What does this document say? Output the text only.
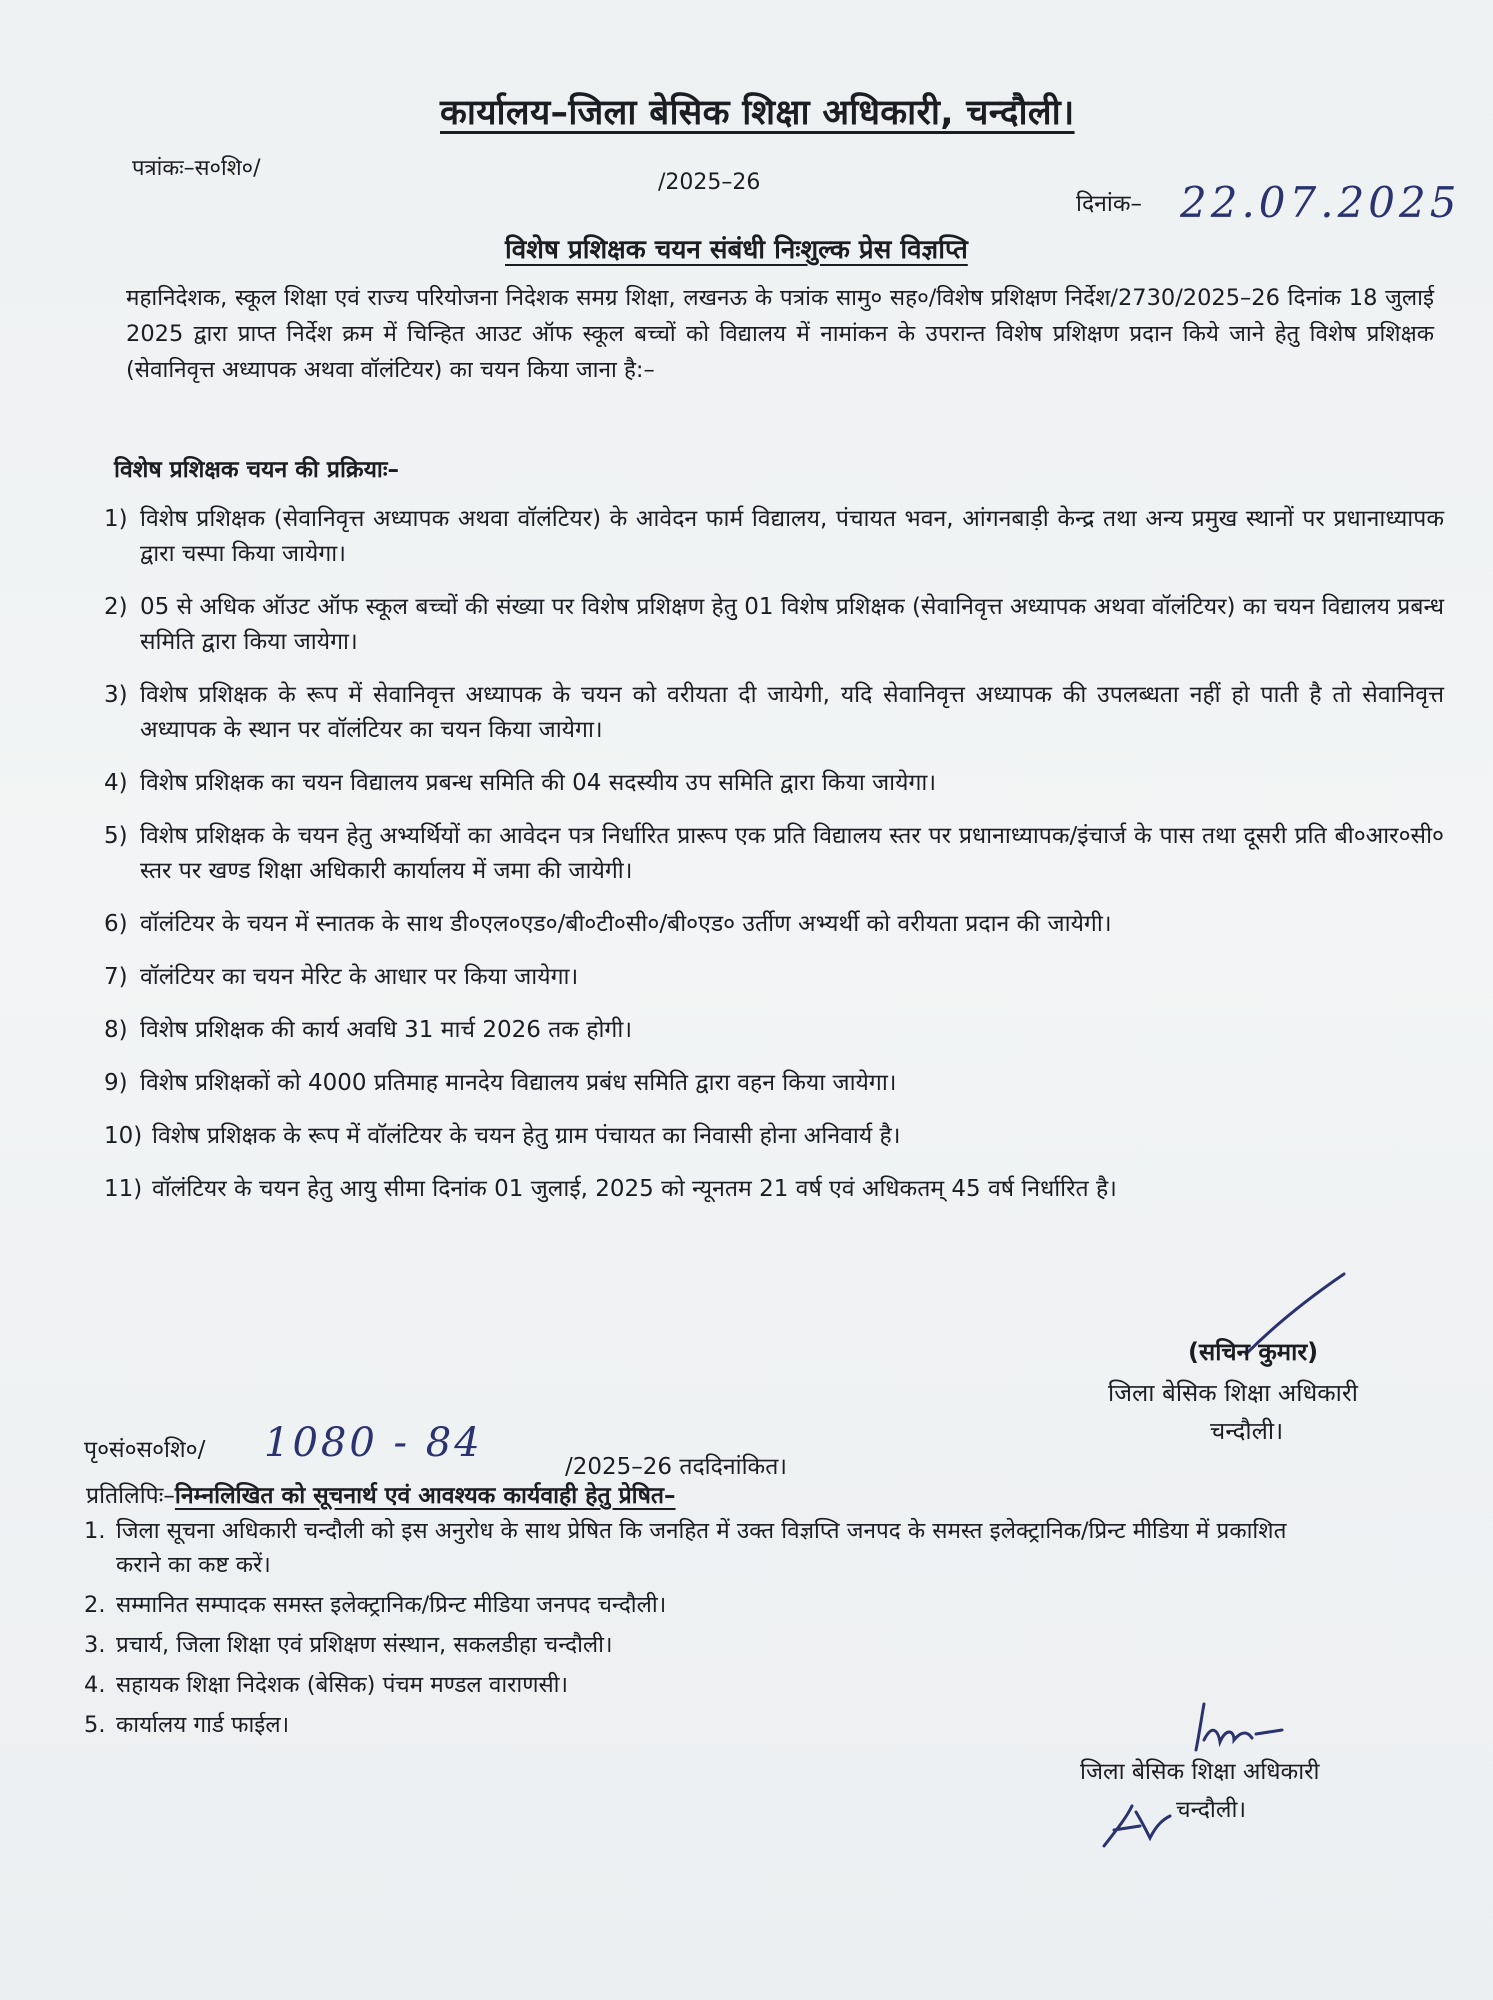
कार्यालय–जिला बेसिक शिक्षा अधिकारी, चन्दौली।
पत्रांकः–स०शि०/
/2025–26
दिनांक– 22.07.2025
विशेष प्रशिक्षक चयन संबंधी निःशुल्क प्रेस विज्ञप्ति
महानिदेशक, स्कूल शिक्षा एवं राज्य परियोजना निदेशक समग्र शिक्षा, लखनऊ के पत्रांक सामु० सह०/विशेष प्रशिक्षण निर्देश/2730/2025–26 दिनांक 18 जुलाई 2025 द्वारा प्राप्त निर्देश क्रम में चिन्हित आउट ऑफ स्कूल बच्चों को विद्यालय में नामांकन के उपरान्त विशेष प्रशिक्षण प्रदान किये जाने हेतु विशेष प्रशिक्षक (सेवानिवृत्त अध्यापक अथवा वॉलंटियर) का चयन किया जाना है:–
विशेष प्रशिक्षक चयन की प्रक्रियाः–
1) विशेष प्रशिक्षक (सेवानिवृत्त अध्यापक अथवा वॉलंटियर) के आवेदन फार्म विद्यालय, पंचायत भवन, आंगनबाड़ी केन्द्र तथा अन्य प्रमुख स्थानों पर प्रधानाध्यापक द्वारा चस्पा किया जायेगा।
2) 05 से अधिक ऑउट ऑफ स्कूल बच्चों की संख्या पर विशेष प्रशिक्षण हेतु 01 विशेष प्रशिक्षक (सेवानिवृत्त अध्यापक अथवा वॉलंटियर) का चयन विद्यालय प्रबन्ध समिति द्वारा किया जायेगा।
3) विशेष प्रशिक्षक के रूप में सेवानिवृत्त अध्यापक के चयन को वरीयता दी जायेगी, यदि सेवानिवृत्त अध्यापक की उपलब्धता नहीं हो पाती है तो सेवानिवृत्त अध्यापक के स्थान पर वॉलंटियर का चयन किया जायेगा।
4) विशेष प्रशिक्षक का चयन विद्यालय प्रबन्ध समिति की 04 सदस्यीय उप समिति द्वारा किया जायेगा।
5) विशेष प्रशिक्षक के चयन हेतु अभ्यर्थियों का आवेदन पत्र निर्धारित प्रारूप एक प्रति विद्यालय स्तर पर प्रधानाध्यापक/इंचार्ज के पास तथा दूसरी प्रति बी०आर०सी० स्तर पर खण्ड शिक्षा अधिकारी कार्यालय में जमा की जायेगी।
6) वॉलंटियर के चयन में स्नातक के साथ डी०एल०एड०/बी०टी०सी०/बी०एड० उर्तीण अभ्यर्थी को वरीयता प्रदान की जायेगी।
7) वॉलंटियर का चयन मेरिट के आधार पर किया जायेगा।
8) विशेष प्रशिक्षक की कार्य अवधि 31 मार्च 2026 तक होगी।
9) विशेष प्रशिक्षकों को 4000 प्रतिमाह मानदेय विद्यालय प्रबंध समिति द्वारा वहन किया जायेगा।
10) विशेष प्रशिक्षक के रूप में वॉलंटियर के चयन हेतु ग्राम पंचायत का निवासी होना अनिवार्य है।
11) वॉलंटियर के चयन हेतु आयु सीमा दिनांक 01 जुलाई, 2025 को न्यूनतम 21 वर्ष एवं अधिकतम् 45 वर्ष निर्धारित है।
(सचिन कुमार)
जिला बेसिक शिक्षा अधिकारी
चन्दौली।
पृ०सं०स०शि०/ 1080 - 84
/2025–26 तददिनांकित।
प्रतिलिपिः–निम्नलिखित को सूचनार्थ एवं आवश्यक कार्यवाही हेतु प्रेषित–
1. जिला सूचना अधिकारी चन्दौली को इस अनुरोध के साथ प्रेषित कि जनहित में उक्त विज्ञप्ति जनपद के समस्त इलेक्ट्रानिक/प्रिन्ट मीडिया में प्रकाशित कराने का कष्ट करें।
2. सम्मानित सम्पादक समस्त इलेक्ट्रानिक/प्रिन्ट मीडिया जनपद चन्दौली।
3. प्रचार्य, जिला शिक्षा एवं प्रशिक्षण संस्थान, सकलडीहा चन्दौली।
4. सहायक शिक्षा निदेशक (बेसिक) पंचम मण्डल वाराणसी।
5. कार्यालय गार्ड फाईल।
जिला बेसिक शिक्षा अधिकारी
चन्दौली।
